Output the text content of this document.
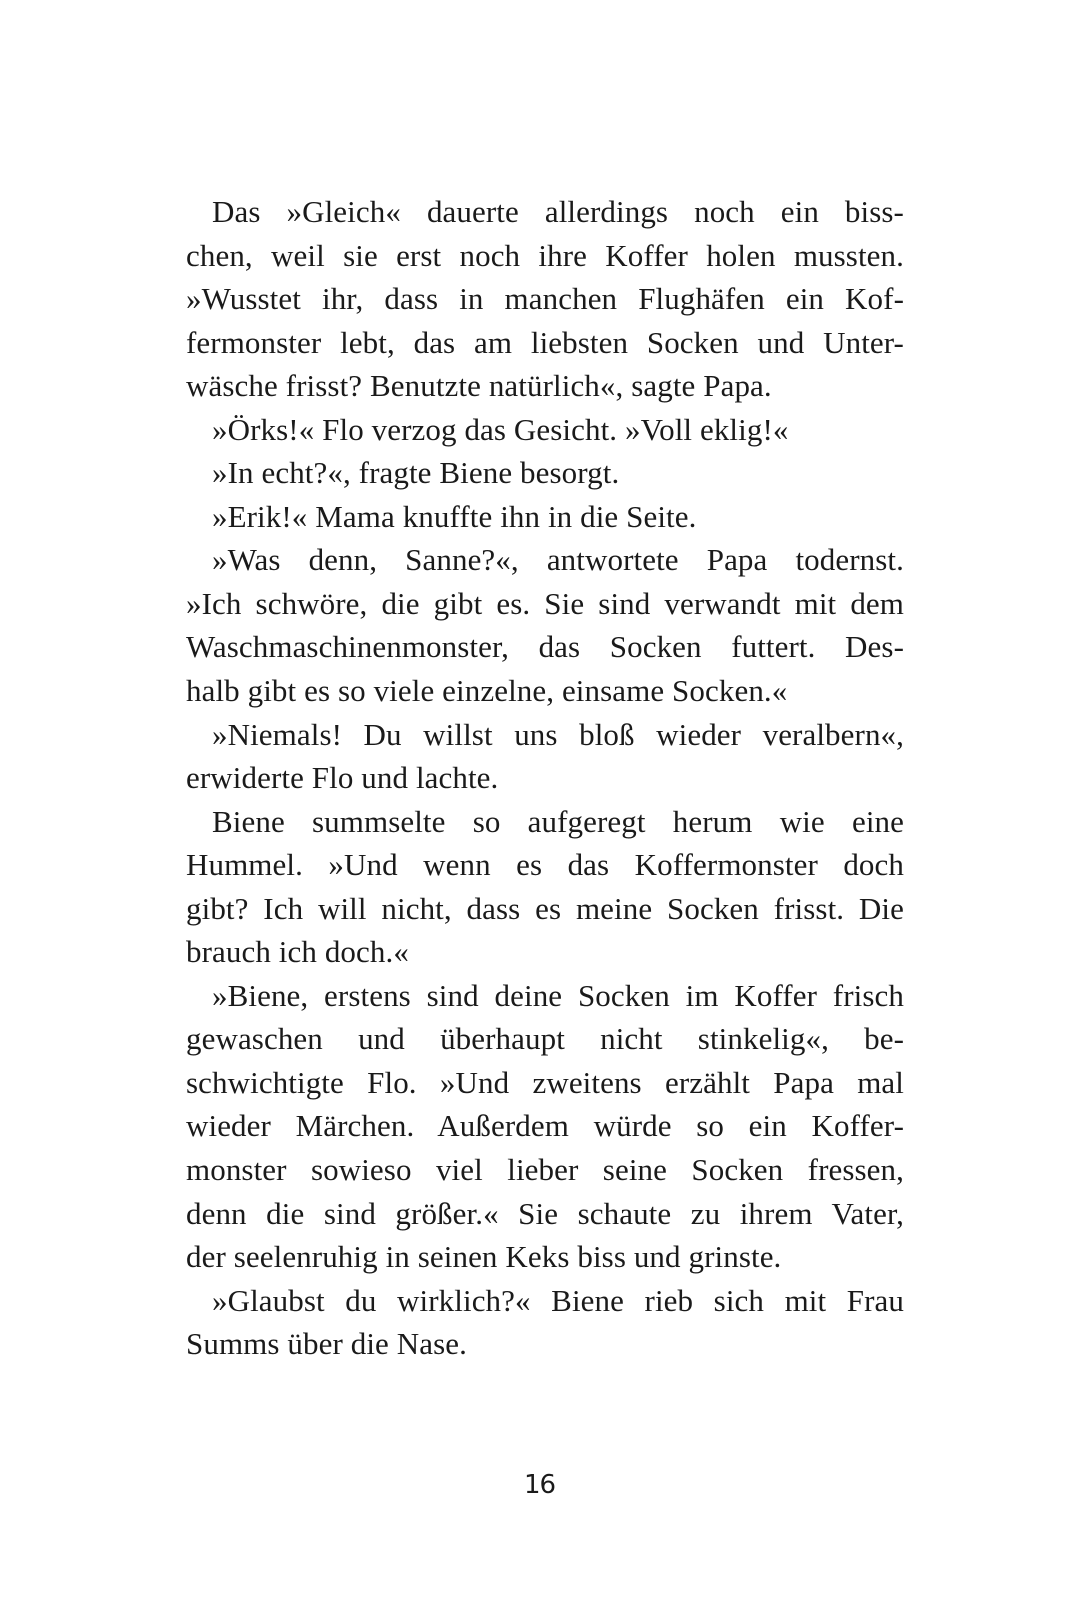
Das »Gleich« dauerte allerdings noch ein biss-
chen, weil sie erst noch ihre Koffer holen mussten.
»Wusstet ihr, dass in manchen Flughäfen ein Kof-
fermonster lebt, das am liebsten Socken und Unter-
wäsche frisst? Benutzte natürlich«, sagte Papa.
»Örks!« Flo verzog das Gesicht. »Voll eklig!«
»In echt?«, fragte Biene besorgt.
»Erik!« Mama knuffte ihn in die Seite.
»Was denn, Sanne?«, antwortete Papa todernst.
»Ich schwöre, die gibt es. Sie sind verwandt mit dem
Waschmaschinenmonster, das Socken futtert. Des-
halb gibt es so viele einzelne, einsame Socken.«
»Niemals! Du willst uns bloß wieder veralbern«,
erwiderte Flo und lachte.
Biene summselte so aufgeregt herum wie eine
Hummel. »Und wenn es das Koffermonster doch
gibt? Ich will nicht, dass es meine Socken frisst. Die
brauch ich doch.«
»Biene, erstens sind deine Socken im Koffer frisch
gewaschen und überhaupt nicht stinkelig«, be-
schwichtigte Flo. »Und zweitens erzählt Papa mal
wieder Märchen. Außerdem würde so ein Koffer-
monster sowieso viel lieber seine Socken fressen,
denn die sind größer.« Sie schaute zu ihrem Vater,
der seelenruhig in seinen Keks biss und grinste.
»Glaubst du wirklich?« Biene rieb sich mit Frau
Summs über die Nase.
16
